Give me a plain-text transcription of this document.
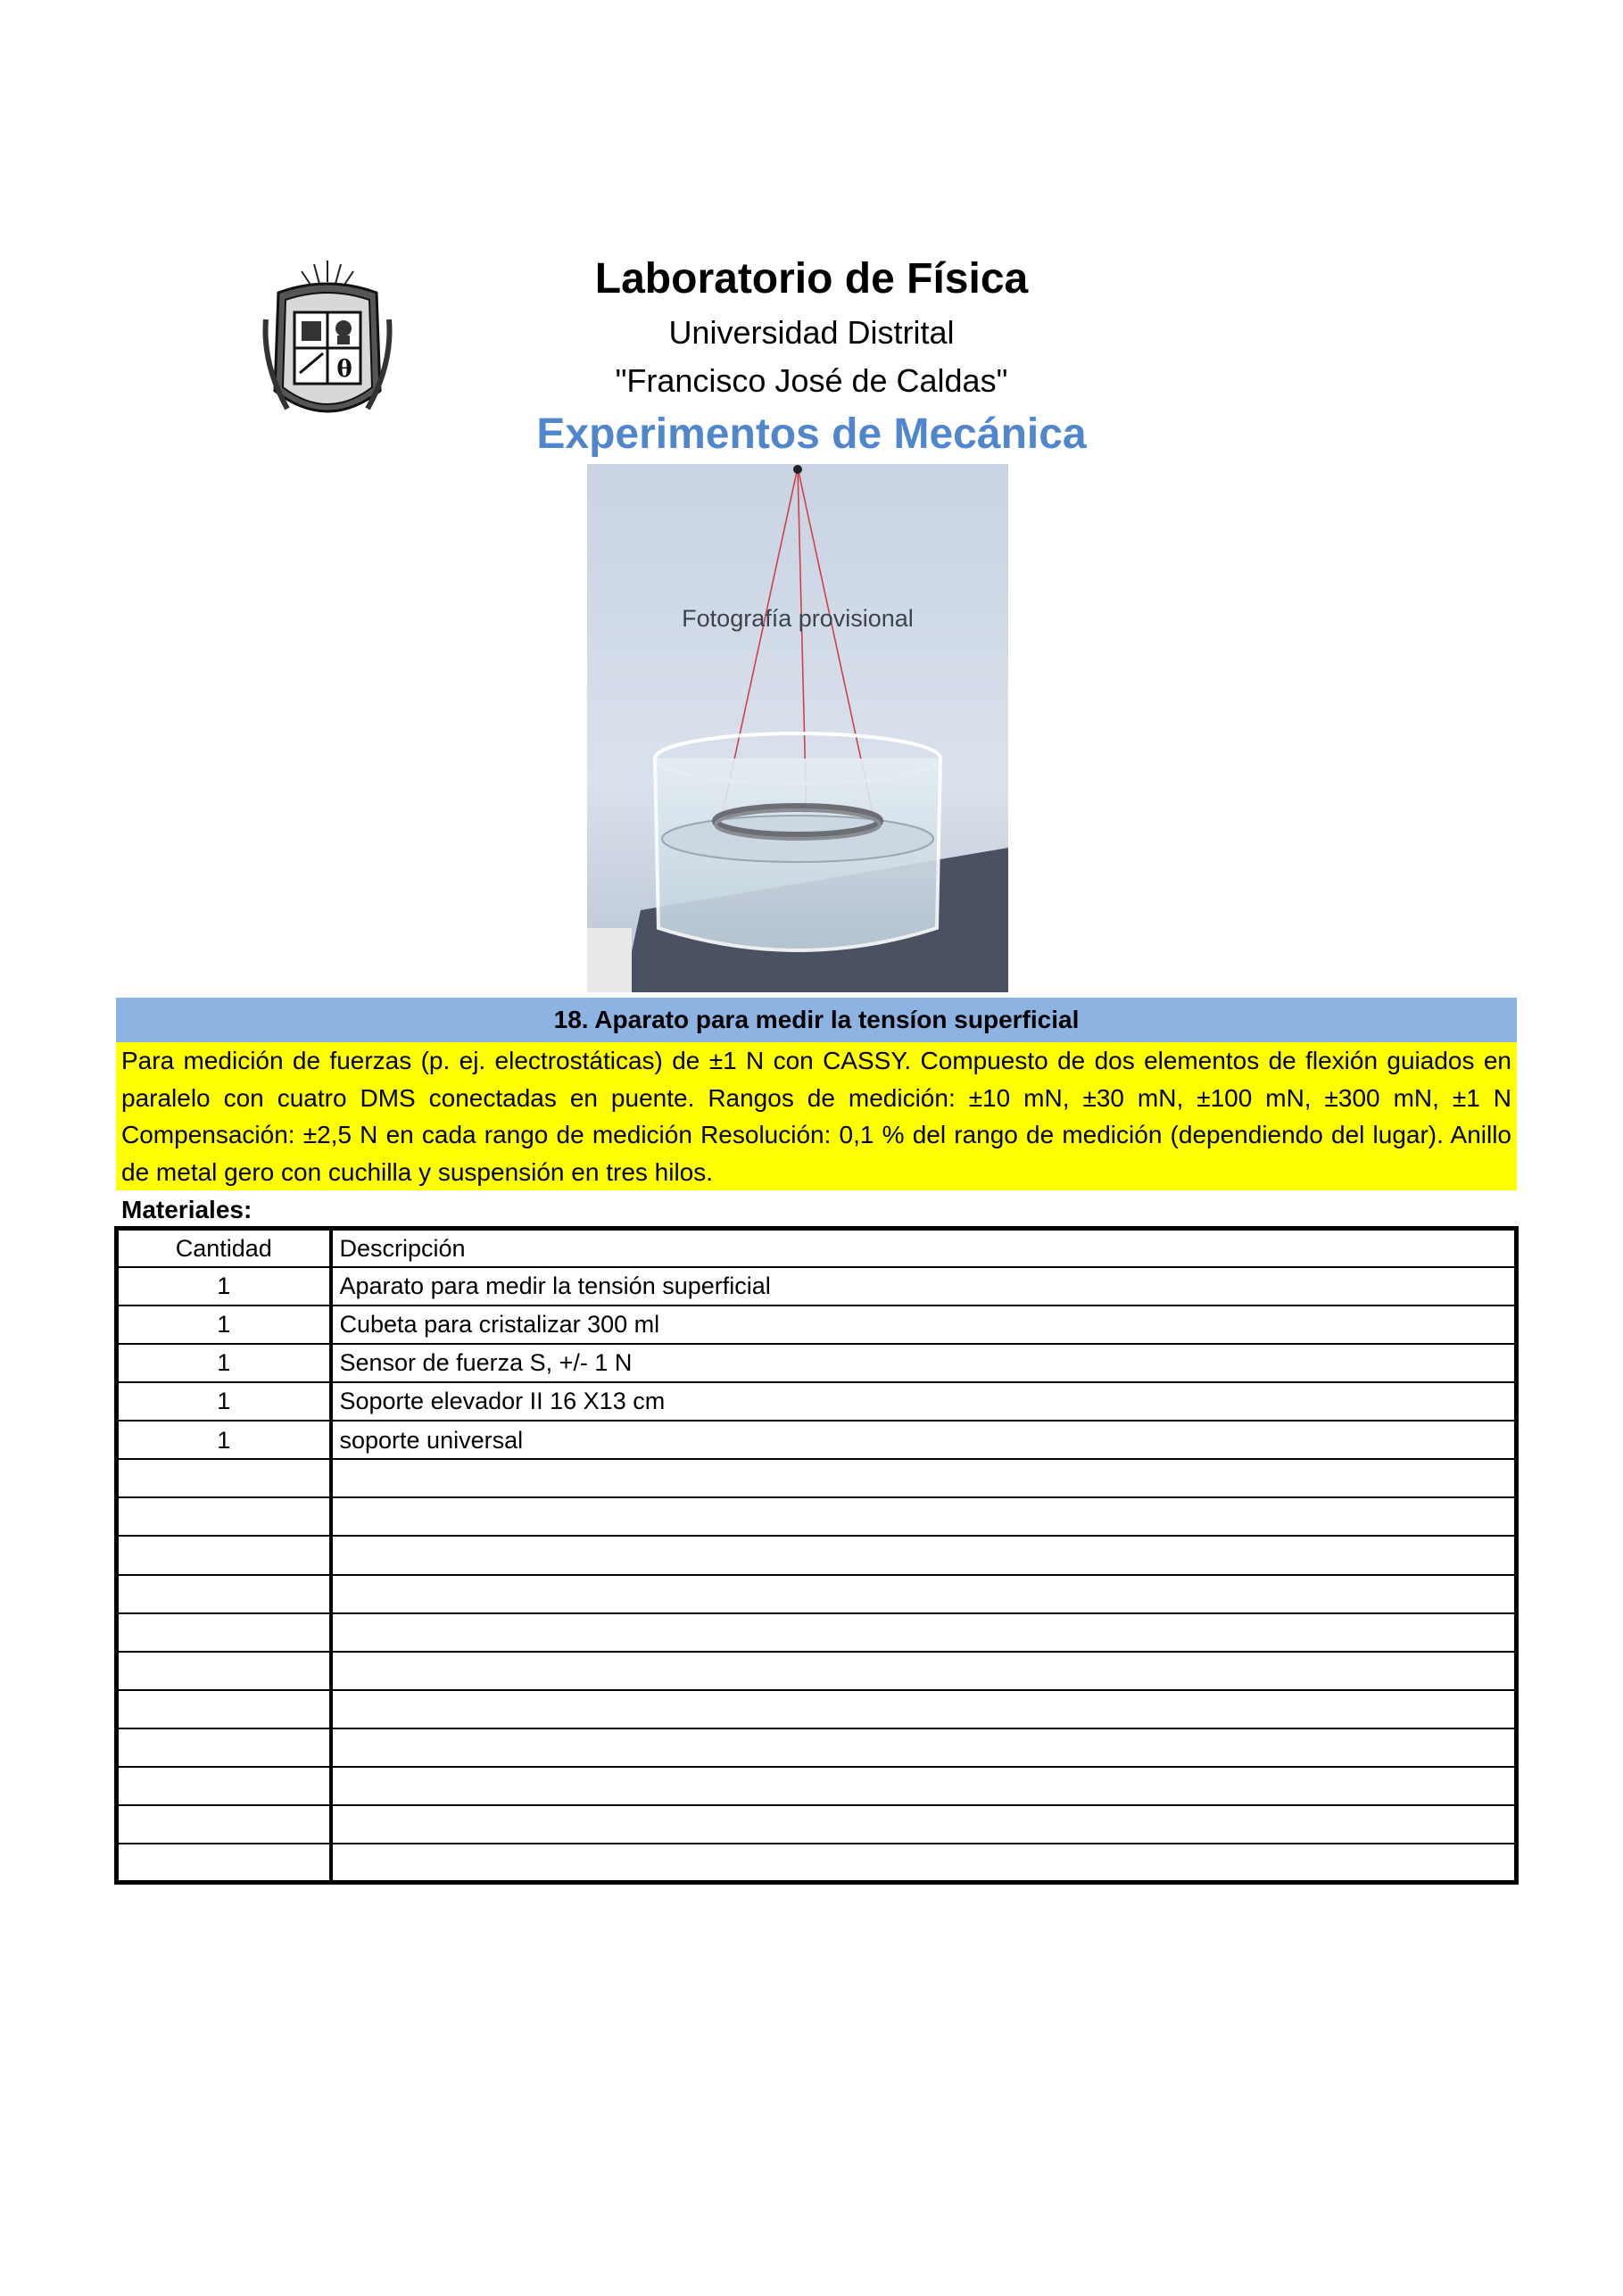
θ
Laboratorio de Física
Universidad Distrital
"Francisco José de Caldas"
Experimentos de Mecánica
Fotografía provisional
18. Aparato para medir la tensíon superficial
Para medición de fuerzas (p. ej. electrostáticas) de ±1 N con CASSY. Compuesto de dos elementos de flexión guiados en paralelo con cuatro DMS conectadas en puente. Rangos de medición: ±10 mN, ±30 mN, ±100 mN, ±300 mN, ±1 N Compensación: ±2,5 N en cada rango de medición Resolución: 0,1 % del rango de medición (dependiendo del lugar). Anillo de metal gero con cuchilla y suspensión en tres hilos.
Materiales:
Cantidad	Descripción
1	Aparato para medir la tensión superficial
1	Cubeta para cristalizar 300 ml
1	Sensor de fuerza S, +/- 1 N
1	Soporte elevador II 16 X13 cm
1	soporte universal
